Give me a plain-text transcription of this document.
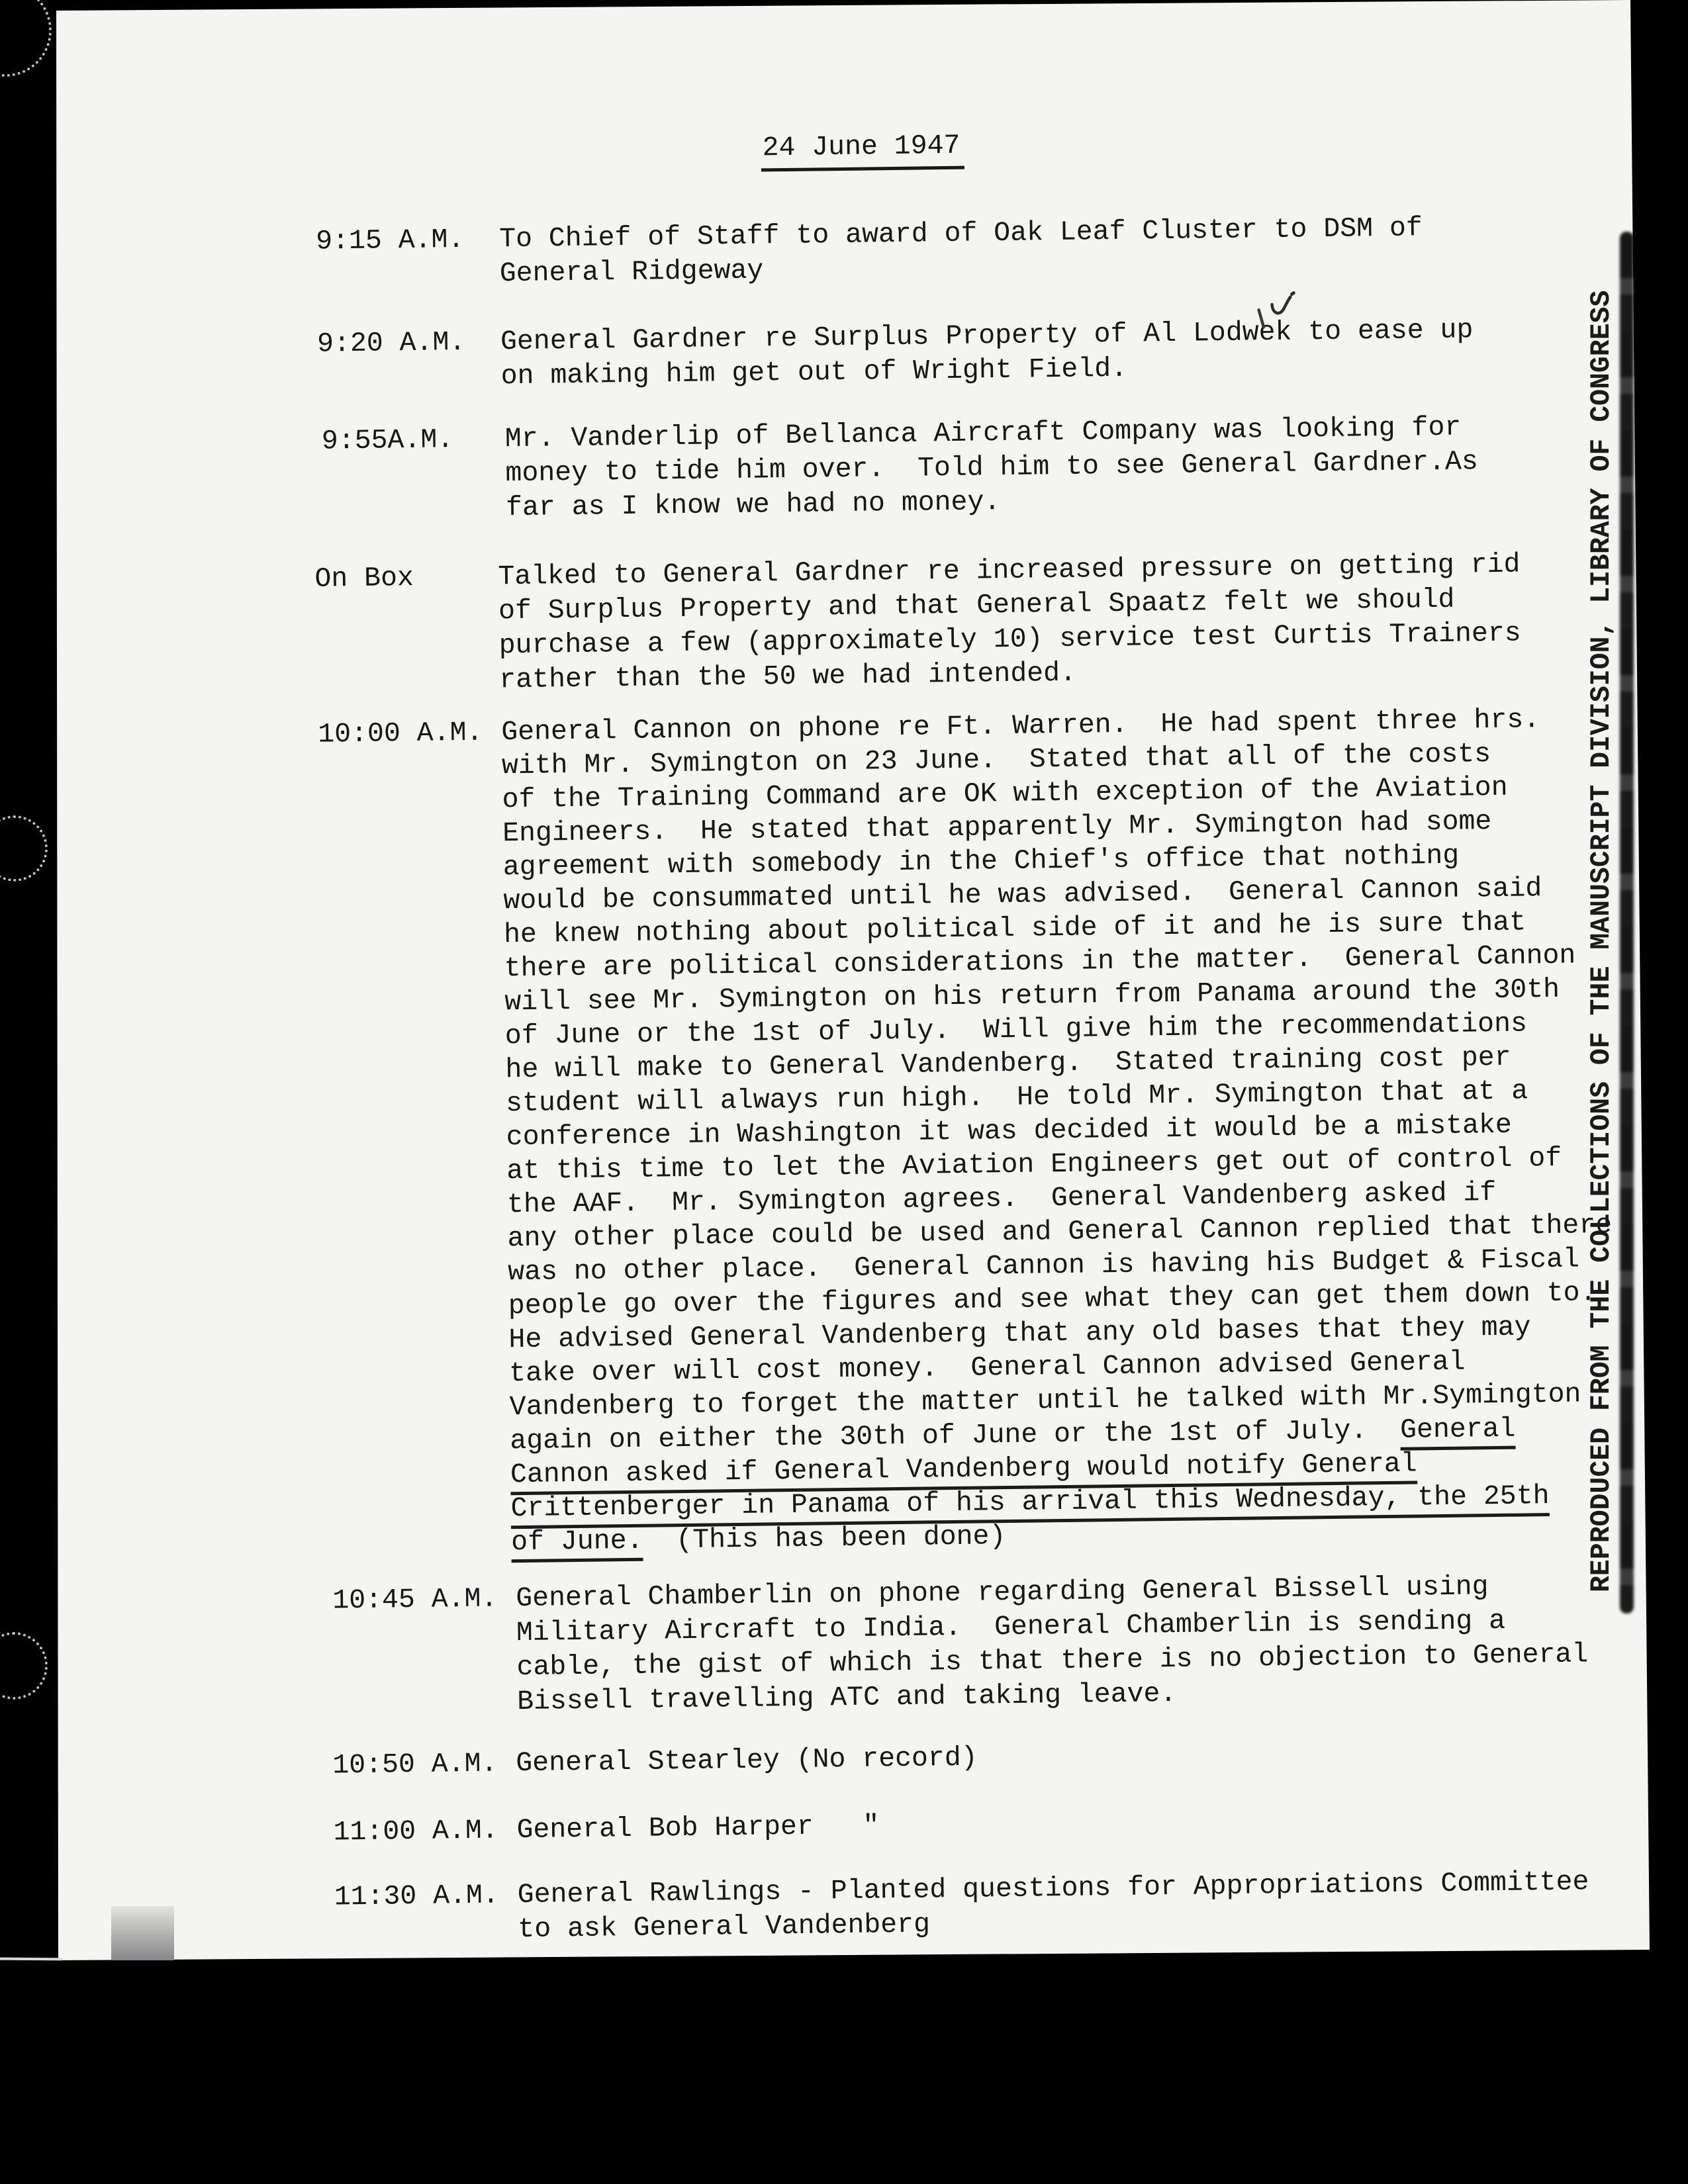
24 June 1947
9:15 A.M.	To Chief of Staff to award of Oak Leaf Cluster to DSM of
General Ridgeway
9:20 A.M.	General Gardner re Surplus Property of Al Lodwek to ease up
on making him get out of Wright Field.
9:55A.M.	Mr. Vanderlip of Bellanca Aircraft Company was looking for
money to tide him over.  Told him to see General Gardner.As
far as I know we had no money.
On Box	Talked to General Gardner re increased pressure on getting rid
of Surplus Property and that General Spaatz felt we should
purchase a few (approximately 10) service test Curtis Trainers
rather than the 50 we had intended.
10:00 A.M. General Cannon on phone re Ft. Warren.  He had spent three hrs.
with Mr. Symington on 23 June.  Stated that all of the costs
of the Training Command are OK with exception of the Aviation
Engineers.  He stated that apparently Mr. Symington had some
agreement with somebody in the Chief's office that nothing
would be consummated until he was advised.  General Cannon said
he knew nothing about political side of it and he is sure that
there are political considerations in the matter.  General Cannon
will see Mr. Symington on his return from Panama around the 30th
of June or the 1st of July.  Will give him the recommendations
he will make to General Vandenberg.  Stated training cost per
student will always run high.  He told Mr. Symington that at a
conference in Washington it was decided it would be a mistake
at this time to let the Aviation Engineers get out of control of
the AAF.  Mr. Symington agrees.  General Vandenberg asked if
any other place could be used and General Cannon replied that there
was no other place.  General Cannon is having his Budget & Fiscal
people go over the figures and see what they can get them down to.
He advised General Vandenberg that any old bases that they may
take over will cost money.  General Cannon advised General
Vandenberg to forget the matter until he talked with Mr.Symington
again on either the 30th of June or the 1st of July.  General
Cannon asked if General Vandenberg would notify General
Crittenberger in Panama of his arrival this Wednesday, the 25th
of June.  (This has been done)
10:45 A.M. General Chamberlin on phone regarding General Bissell using
Military Aircraft to India.  General Chamberlin is sending a
cable, the gist of which is that there is no objection to General
Bissell travelling ATC and taking leave.
10:50 A.M. General Stearley (No record)
11:00 A.M. General Bob Harper   "
11:30 A.M. General Rawlings - Planted questions for Appropriations Committee
to ask General Vandenberg
REPRODUCED FROM THE COLLECTIONS OF THE MANUSCRIPT DIVISION, LIBRARY OF CONGRESS
